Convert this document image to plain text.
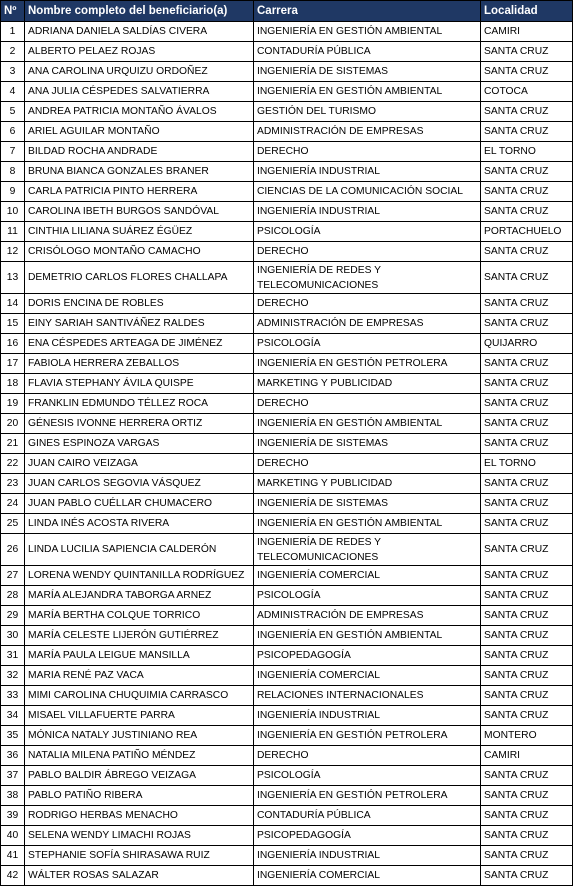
Nº	Nombre completo del beneficiario(a)	Carrera	Localidad
1	ADRIANA DANIELA SALDÍAS CIVERA	INGENIERÍA EN GESTIÓN AMBIENTAL	CAMIRI
2	ALBERTO PELAEZ ROJAS	CONTADURÍA PÚBLICA	SANTA CRUZ
3	ANA CAROLINA URQUIZU ORDOÑEZ	INGENIERÍA DE SISTEMAS	SANTA CRUZ
4	ANA JULIA CÉSPEDES SALVATIERRA	INGENIERÍA EN GESTIÓN AMBIENTAL	COTOCA
5	ANDREA PATRICIA MONTAÑO ÁVALOS	GESTIÓN DEL TURISMO	SANTA CRUZ
6	ARIEL AGUILAR MONTAÑO	ADMINISTRACIÓN DE EMPRESAS	SANTA CRUZ
7	BILDAD ROCHA ANDRADE	DERECHO	EL TORNO
8	BRUNA BIANCA GONZALES BRANER	INGENIERÍA INDUSTRIAL	SANTA CRUZ
9	CARLA PATRICIA PINTO HERRERA	CIENCIAS DE LA COMUNICACIÓN SOCIAL	SANTA CRUZ
10	CAROLINA IBETH BURGOS SANDÓVAL	INGENIERÍA INDUSTRIAL	SANTA CRUZ
11	CINTHIA LILIANA SUÁREZ ÉGÜEZ	PSICOLOGÍA	PORTACHUELO
12	CRISÓLOGO MONTAÑO CAMACHO	DERECHO	SANTA CRUZ
13	DEMETRIO CARLOS FLORES CHALLAPA	INGENIERÍA DE REDES Y TELECOMUNICACIONES	SANTA CRUZ
14	DORIS ENCINA DE ROBLES	DERECHO	SANTA CRUZ
15	EINY SARIAH SANTIVÁÑEZ RALDES	ADMINISTRACIÓN DE EMPRESAS	SANTA CRUZ
16	ENA CÉSPEDES ARTEAGA DE JIMÉNEZ	PSICOLOGÍA	QUIJARRO
17	FABIOLA HERRERA ZEBALLOS	INGENIERÍA EN GESTIÓN PETROLERA	SANTA CRUZ
18	FLAVIA STEPHANY ÁVILA QUISPE	MARKETING Y PUBLICIDAD	SANTA CRUZ
19	FRANKLIN EDMUNDO TÉLLEZ ROCA	DERECHO	SANTA CRUZ
20	GÉNESIS IVONNE HERRERA ORTIZ	INGENIERÍA EN GESTIÓN AMBIENTAL	SANTA CRUZ
21	GINES ESPINOZA VARGAS	INGENIERÍA DE SISTEMAS	SANTA CRUZ
22	JUAN CAIRO VEIZAGA	DERECHO	EL TORNO
23	JUAN CARLOS SEGOVIA VÁSQUEZ	MARKETING Y PUBLICIDAD	SANTA CRUZ
24	JUAN PABLO CUÉLLAR CHUMACERO	INGENIERÍA DE SISTEMAS	SANTA CRUZ
25	LINDA INÉS ACOSTA RIVERA	INGENIERÍA EN GESTIÓN AMBIENTAL	SANTA CRUZ
26	LINDA LUCILIA SAPIENCIA CALDERÓN	INGENIERÍA DE REDES Y TELECOMUNICACIONES	SANTA CRUZ
27	LORENA WENDY QUINTANILLA RODRÍGUEZ	INGENIERÍA COMERCIAL	SANTA CRUZ
28	MARÍA ALEJANDRA TABORGA ARNEZ	PSICOLOGÍA	SANTA CRUZ
29	MARÍA BERTHA COLQUE TORRICO	ADMINISTRACIÓN DE EMPRESAS	SANTA CRUZ
30	MARÍA CELESTE LIJERÓN GUTIÉRREZ	INGENIERÍA EN GESTIÓN AMBIENTAL	SANTA CRUZ
31	MARÍA PAULA LEIGUE MANSILLA	PSICOPEDAGOGÍA	SANTA CRUZ
32	MARIA RENÉ PAZ VACA	INGENIERÍA COMERCIAL	SANTA CRUZ
33	MIMI CAROLINA CHUQUIMIA CARRASCO	RELACIONES INTERNACIONALES	SANTA CRUZ
34	MISAEL VILLAFUERTE PARRA	INGENIERÍA INDUSTRIAL	SANTA CRUZ
35	MÓNICA NATALY JUSTINIANO REA	INGENIERÍA EN GESTIÓN PETROLERA	MONTERO
36	NATALIA MILENA PATIÑO MÉNDEZ	DERECHO	CAMIRI
37	PABLO BALDIR ÁBREGO VEIZAGA	PSICOLOGÍA	SANTA CRUZ
38	PABLO PATIÑO RIBERA	INGENIERÍA EN GESTIÓN PETROLERA	SANTA CRUZ
39	RODRIGO HERBAS MENACHO	CONTADURÍA PÚBLICA	SANTA CRUZ
40	SELENA WENDY LIMACHI ROJAS	PSICOPEDAGOGÍA	SANTA CRUZ
41	STEPHANIE SOFÍA SHIRASAWA RUIZ	INGENIERÍA INDUSTRIAL	SANTA CRUZ
42	WÁLTER ROSAS SALAZAR	INGENIERÍA COMERCIAL	SANTA CRUZ
